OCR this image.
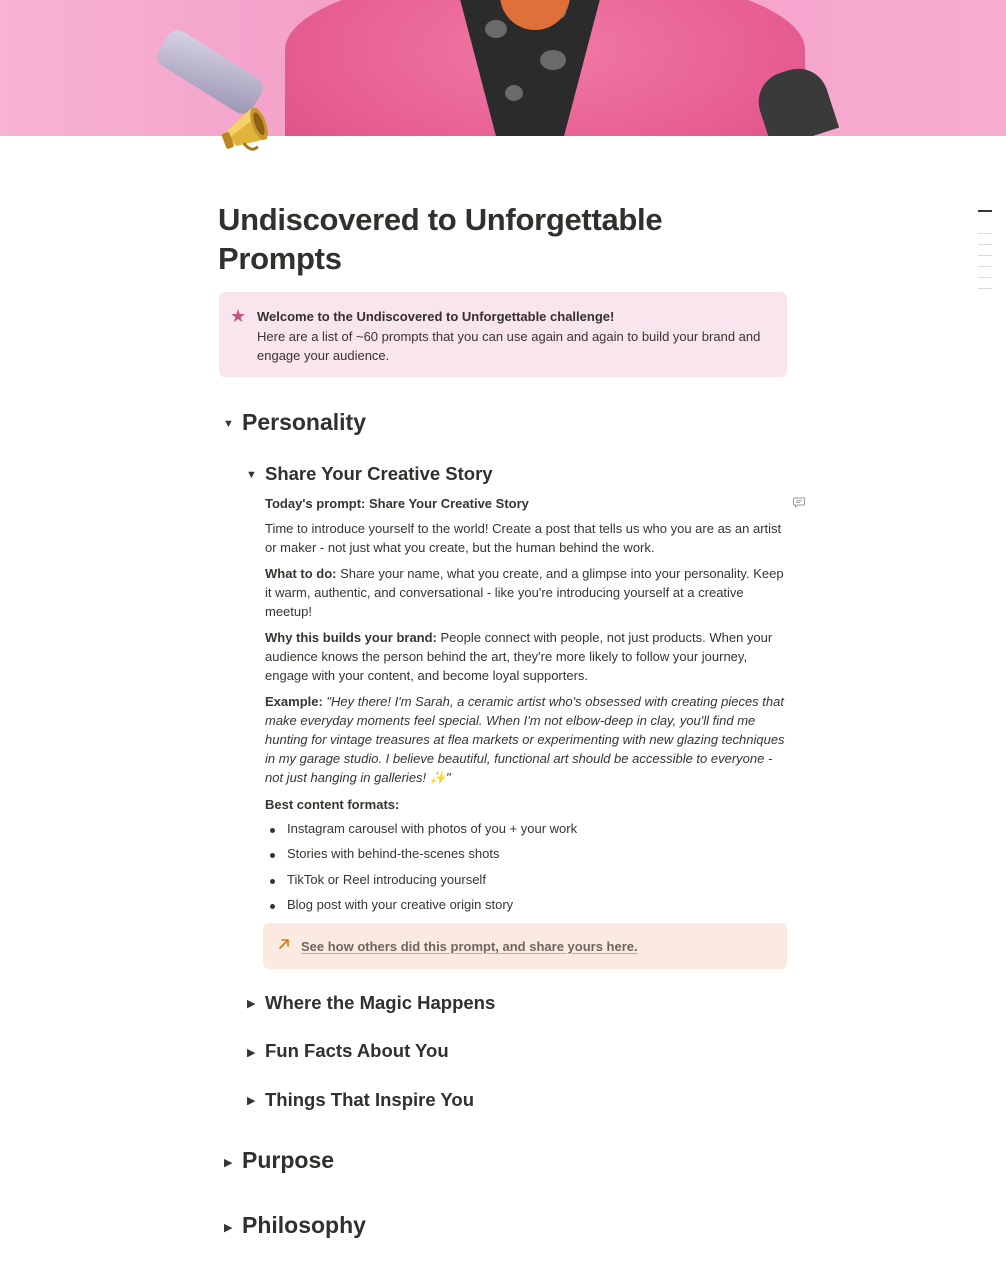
Undiscovered to Unforgettable
Prompts
★ Welcome to the Undiscovered to Unforgettable challenge!
Here are a list of ~60 prompts that you can use again and again to build your brand and engage your audience.
▼ Personality
▼ Share Your Creative Story
Today's prompt: Share Your Creative Story
Time to introduce yourself to the world! Create a post that tells us who you are as an artist or maker - not just what you create, but the human behind the work.
What to do: Share your name, what you create, and a glimpse into your personality. Keep it warm, authentic, and conversational - like you're introducing yourself at a creative meetup!
Why this builds your brand: People connect with people, not just products. When your audience knows the person behind the art, they're more likely to follow your journey, engage with your content, and become loyal supporters.
Example: "Hey there! I'm Sarah, a ceramic artist who's obsessed with creating pieces that make everyday moments feel special. When I'm not elbow-deep in clay, you'll find me hunting for vintage treasures at flea markets or experimenting with new glazing techniques in my garage studio. I believe beautiful, functional art should be accessible to everyone - not just hanging in galleries! ✨"
Best content formats:
Instagram carousel with photos of you + your work
Stories with behind-the-scenes shots
TikTok or Reel introducing yourself
Blog post with your creative origin story
See how others did this prompt, and share yours here.
▶ Where the Magic Happens
▶ Fun Facts About You
▶ Things That Inspire You
▶ Purpose
▶ Philosophy
